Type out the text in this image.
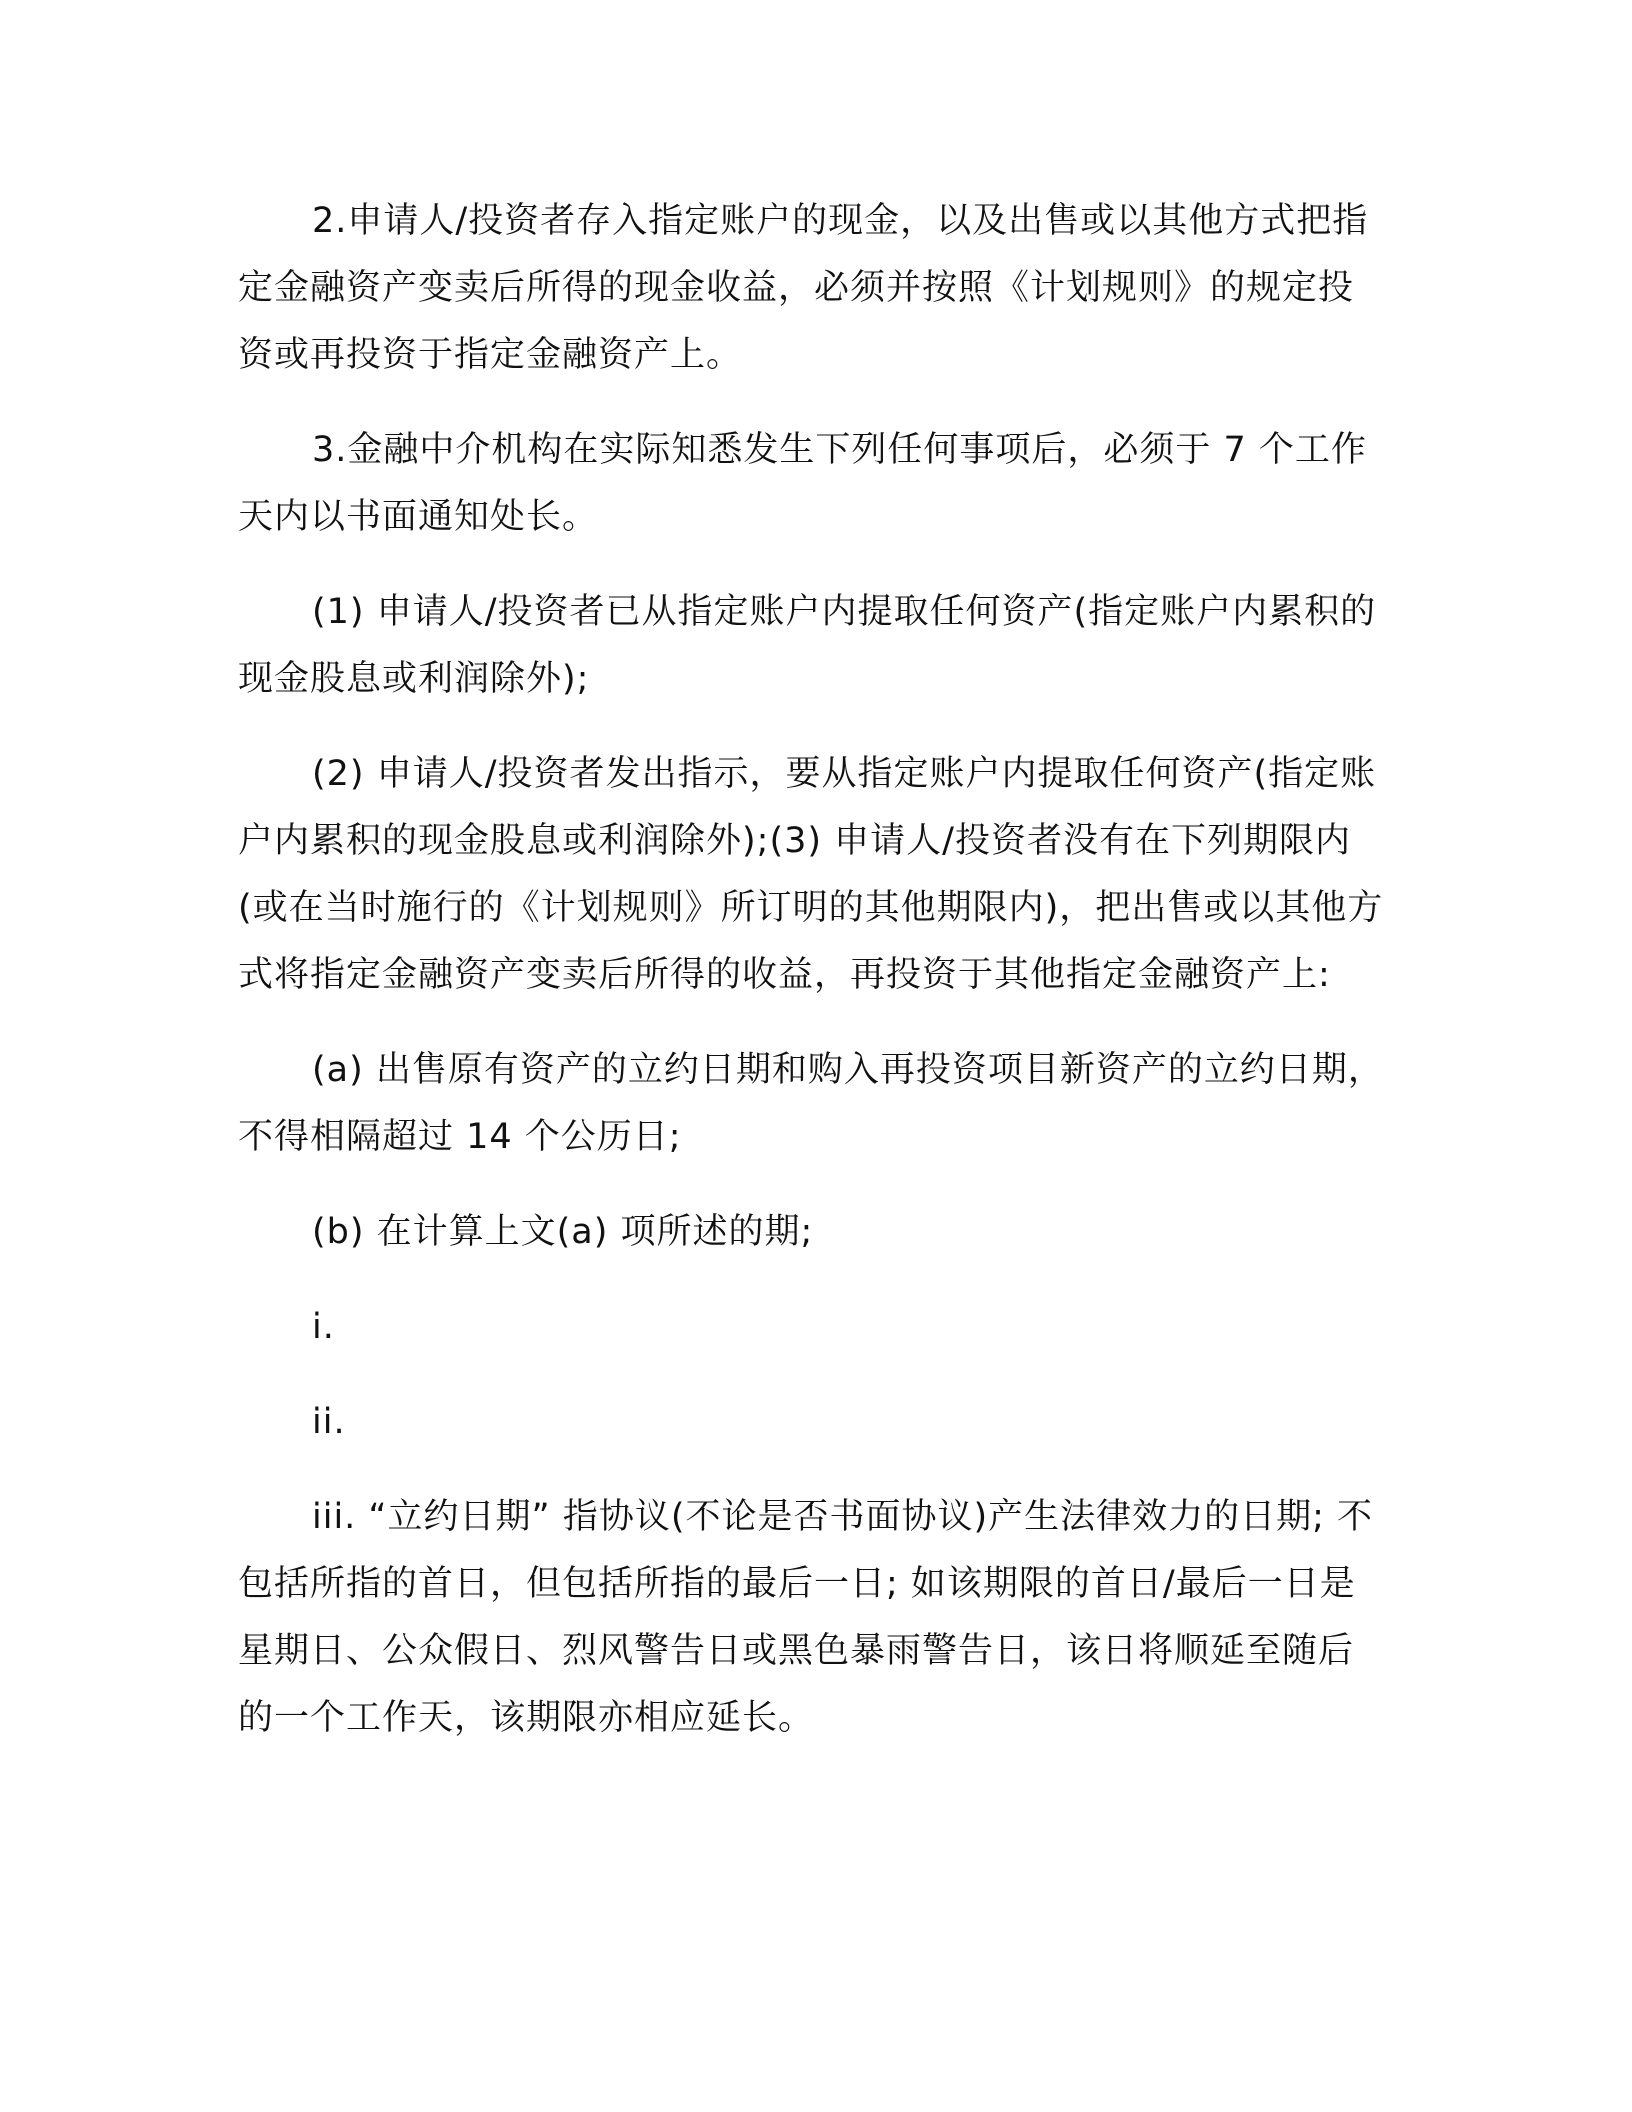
2.申请人/投资者存入指定账户的现金，以及出售或以其他方式把指定金融资产变卖后所得的现金收益，必须并按照《计划规则》的规定投资或再投资于指定金融资产上。

3.金融中介机构在实际知悉发生下列任何事项后，必须于 7 个工作天内以书面通知处长。

(1) 申请人/投资者已从指定账户内提取任何资产(指定账户内累积的现金股息或利润除外);

(2) 申请人/投资者发出指示，要从指定账户内提取任何资产(指定账户内累积的现金股息或利润除外);(3) 申请人/投资者没有在下列期限内(或在当时施行的《计划规则》所订明的其他期限内)，把出售或以其他方式将指定金融资产变卖后所得的收益，再投资于其他指定金融资产上:

(a) 出售原有资产的立约日期和购入再投资项目新资产的立约日期，不得相隔超过 14 个公历日;

(b) 在计算上文(a) 项所述的期;

i.

ii.

iii. “立约日期” 指协议(不论是否书面协议)产生法律效力的日期; 不包括所指的首日，但包括所指的最后一日; 如该期限的首日/最后一日是星期日、公众假日、烈风警告日或黑色暴雨警告日，该日将顺延至随后的一个工作天，该期限亦相应延长。
